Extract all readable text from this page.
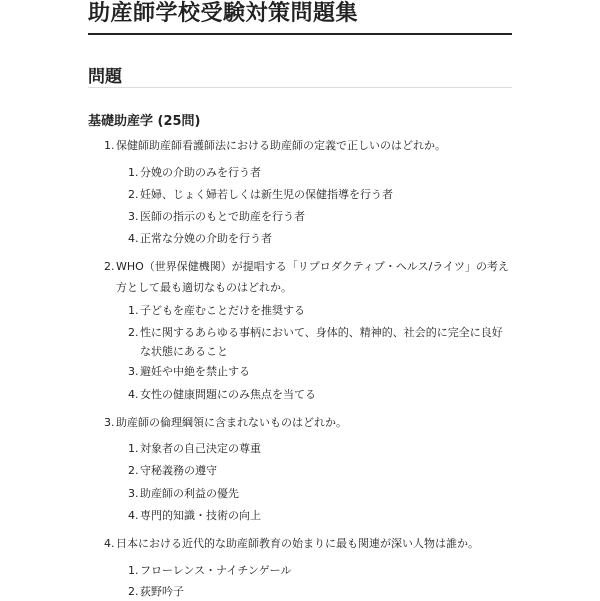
助産師学校受験対策問題集
問題
基礎助産学 (25問)
1. 保健師助産師看護師法における助産師の定義で正しいのはどれか。
1. 分娩の介助のみを行う者
2. 妊婦、じょく婦若しくは新生児の保健指導を行う者
3. 医師の指示のもとで助産を行う者
4. 正常な分娩の介助を行う者
2. WHO（世界保健機関）が提唱する「リプロダクティブ・ヘルス/ライツ」の考え方として最も適切なものはどれか。
1. 子どもを産むことだけを推奨する
2. 性に関するあらゆる事柄において、身体的、精神的、社会的に完全に良好な状態にあること
3. 避妊や中絶を禁止する
4. 女性の健康問題にのみ焦点を当てる
3. 助産師の倫理綱領に含まれないものはどれか。
1. 対象者の自己決定の尊重
2. 守秘義務の遵守
3. 助産師の利益の優先
4. 専門的知識・技術の向上
4. 日本における近代的な助産師教育の始まりに最も関連が深い人物は誰か。
1. フローレンス・ナイチンゲール
2. 荻野吟子
